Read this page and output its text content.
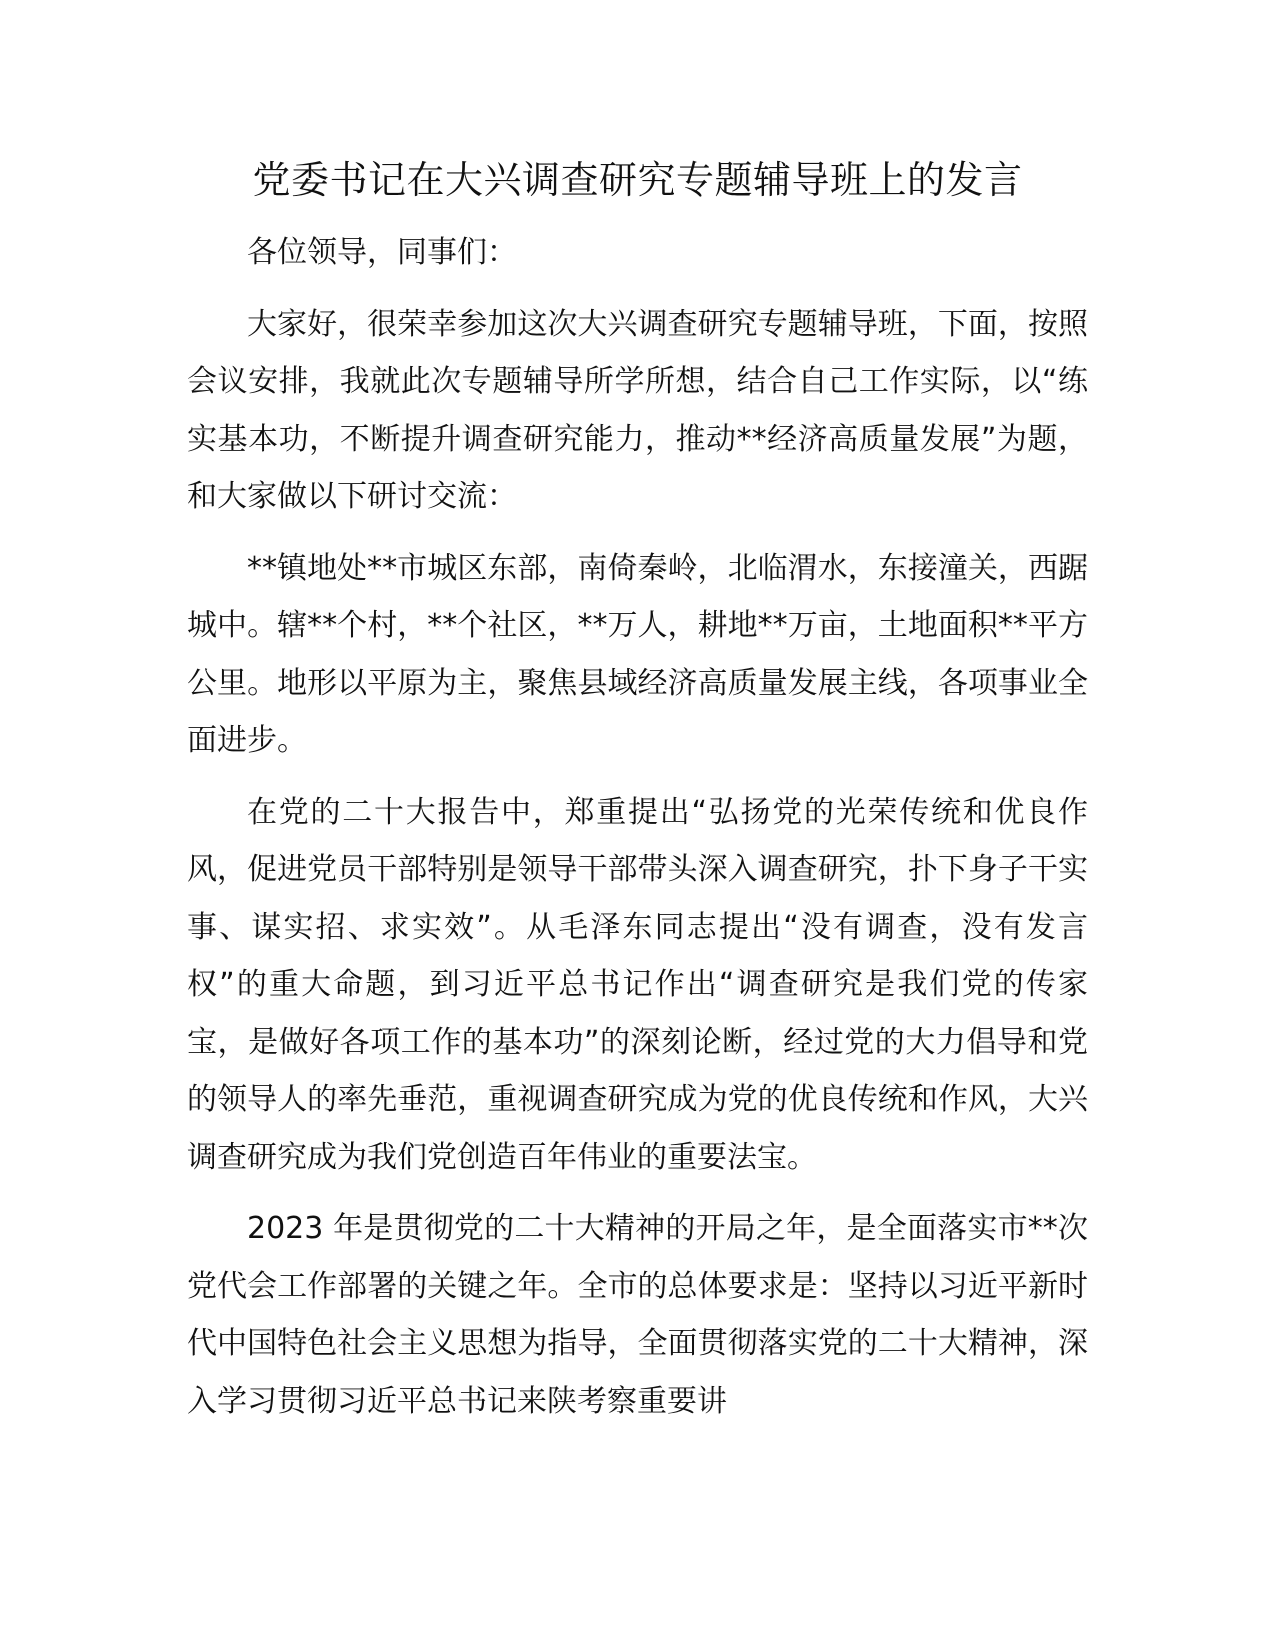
党委书记在大兴调查研究专题辅导班上的发言

各位领导，同事们：

大家好，很荣幸参加这次大兴调查研究专题辅导班，下面，按照会议安排，我就此次专题辅导所学所想，结合自己工作实际，以“练实基本功，不断提升调查研究能力，推动**经济高质量发展”为题，和大家做以下研讨交流：

**镇地处**市城区东部，南倚秦岭，北临渭水，东接潼关，西踞城中。辖**个村，**个社区，**万人，耕地**万亩，土地面积**平方公里。地形以平原为主，聚焦县域经济高质量发展主线，各项事业全面进步。

在党的二十大报告中，郑重提出“弘扬党的光荣传统和优良作风，促进党员干部特别是领导干部带头深入调查研究，扑下身子干实事、谋实招、求实效”。从毛泽东同志提出“没有调查，没有发言权”的重大命题，到习近平总书记作出“调查研究是我们党的传家宝，是做好各项工作的基本功”的深刻论断，经过党的大力倡导和党的领导人的率先垂范，重视调查研究成为党的优良传统和作风，大兴调查研究成为我们党创造百年伟业的重要法宝。

2023 年是贯彻党的二十大精神的开局之年，是全面落实市**次党代会工作部署的关键之年。全市的总体要求是：坚持以习近平新时代中国特色社会主义思想为指导，全面贯彻落实党的二十大精神，深入学习贯彻习近平总书记来陕考察重要讲
